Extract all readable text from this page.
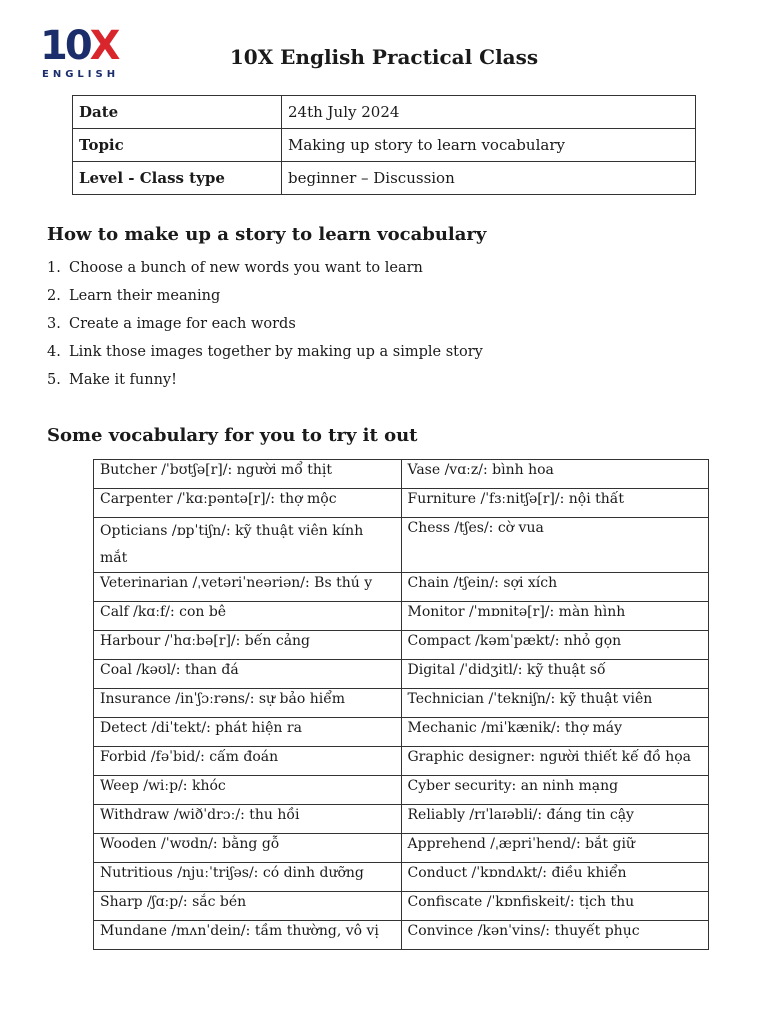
10X
ENGLISH
10X English Practical Class
Date	24th July 2024
Topic	Making up story to learn vocabulary
Level - Class type	beginner – Discussion
How to make up a story to learn vocabulary
1. Choose a bunch of new words you want to learn
2. Learn their meaning
3. Create a image for each words
4. Link those images together by making up a simple story
5. Make it funny!
Some vocabulary for you to try it out
Butcher /ˈbʊtʃə[r]/: người mổ thịt	Vase /vɑːz/: bình hoa
Carpenter /ˈkɑːpəntə[r]/: thợ mộc	Furniture /ˈfɜːnitʃə[r]/: nội thất
Opticians /ɒpˈtiʃn/: kỹ thuật viên kính mắt	Chess /tʃes/: cờ vua
Veterinarian /ˌvetəriˈneəriən/: Bs thú y	Chain /tʃein/: sợi xích
Calf /kɑːf/: con bê	Monitor /ˈmɒnitə[r]/: màn hình
Harbour /ˈhɑːbə[r]/: bến cảng	Compact /kəmˈpækt/: nhỏ gọn
Coal /kəʊl/: than đá	Digital /ˈdidʒitl/: kỹ thuật số
Insurance /inˈʃɔːrəns/: sự bảo hiểm	Technician /ˈtekniʃn/: kỹ thuật viên
Detect /diˈtekt/: phát hiện ra	Mechanic /miˈkænik/: thợ máy
Forbid /fəˈbid/: cấm đoán	Graphic designer: người thiết kế đồ họa
Weep /wiːp/: khóc	Cyber security: an ninh mạng
Withdraw /wiðˈdrɔː/: thu hồi	Reliably /rɪˈlaɪəbli/: đáng tin cậy
Wooden /ˈwʊdn/: bằng gỗ	Apprehend /ˌæpriˈhend/: bắt giữ
Nutritious /njuːˈtriʃəs/: có dinh dưỡng	Conduct /ˈkɒndʌkt/: điều khiển
Sharp /ʃɑːp/: sắc bén	Confiscate /ˈkɒnfiskeit/: tịch thu
Mundane /mʌnˈdein/: tầm thường, vô vị	Convince /kənˈvins/: thuyết phục
